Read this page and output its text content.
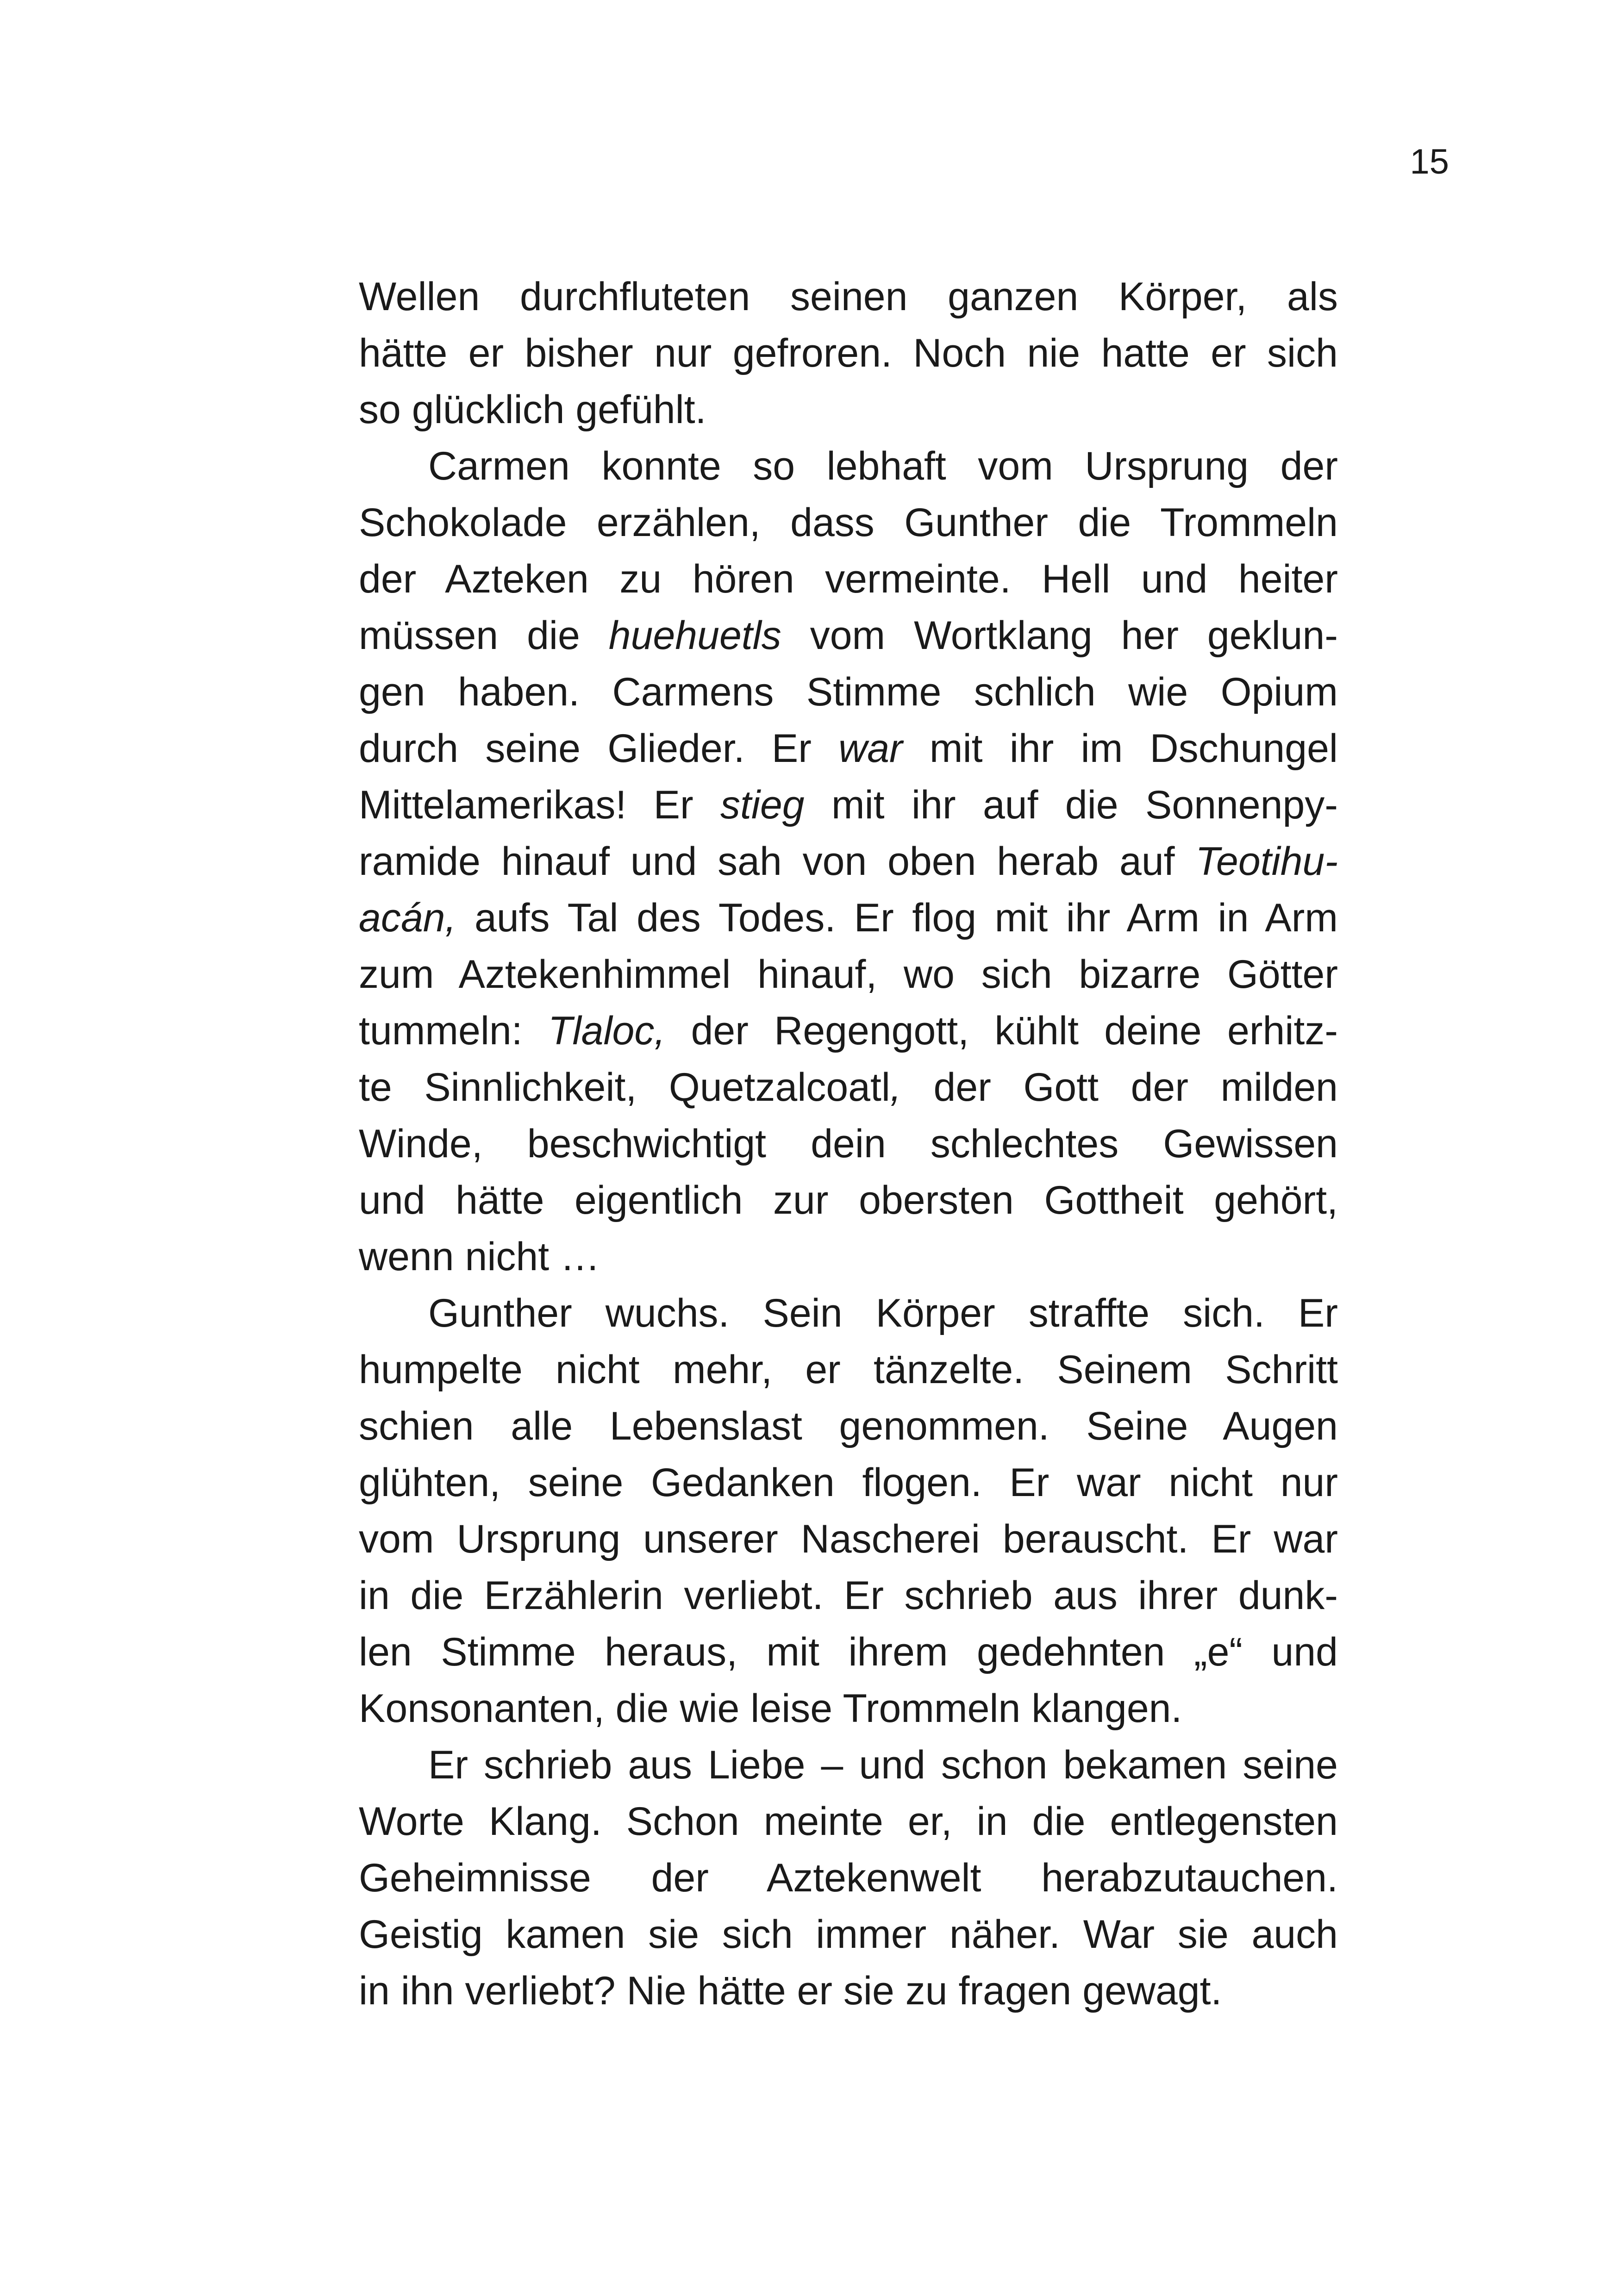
15

Wellen durchfluteten seinen ganzen Körper, als
hätte er bisher nur gefroren. Noch nie hatte er sich
so glücklich gefühlt.

Carmen konnte so lebhaft vom Ursprung der
Schokolade erzählen, dass Gunther die Trommeln
der Azteken zu hören vermeinte. Hell und heiter
müssen die huehuetls vom Wortklang her geklun-
gen haben. Carmens Stimme schlich wie Opium
durch seine Glieder. Er war mit ihr im Dschungel
Mittelamerikas! Er stieg mit ihr auf die Sonnenpy-
ramide hinauf und sah von oben herab auf Teotihu-
acán, aufs Tal des Todes. Er flog mit ihr Arm in Arm
zum Aztekenhimmel hinauf, wo sich bizarre Götter
tummeln: Tlaloc, der Regengott, kühlt deine erhitz-
te Sinnlichkeit, Quetzalcoatl, der Gott der milden
Winde, beschwichtigt dein schlechtes Gewissen
und hätte eigentlich zur obersten Gottheit gehört,
wenn nicht …

Gunther wuchs. Sein Körper straffte sich. Er
humpelte nicht mehr, er tänzelte. Seinem Schritt
schien alle Lebenslast genommen. Seine Augen
glühten, seine Gedanken flogen. Er war nicht nur
vom Ursprung unserer Nascherei berauscht. Er war
in die Erzählerin verliebt. Er schrieb aus ihrer dunk-
len Stimme heraus, mit ihrem gedehnten „e“ und
Konsonanten, die wie leise Trommeln klangen.

Er schrieb aus Liebe – und schon bekamen seine
Worte Klang. Schon meinte er, in die entlegensten
Geheimnisse der Aztekenwelt herabzutauchen.
Geistig kamen sie sich immer näher. War sie auch
in ihn verliebt? Nie hätte er sie zu fragen gewagt.
